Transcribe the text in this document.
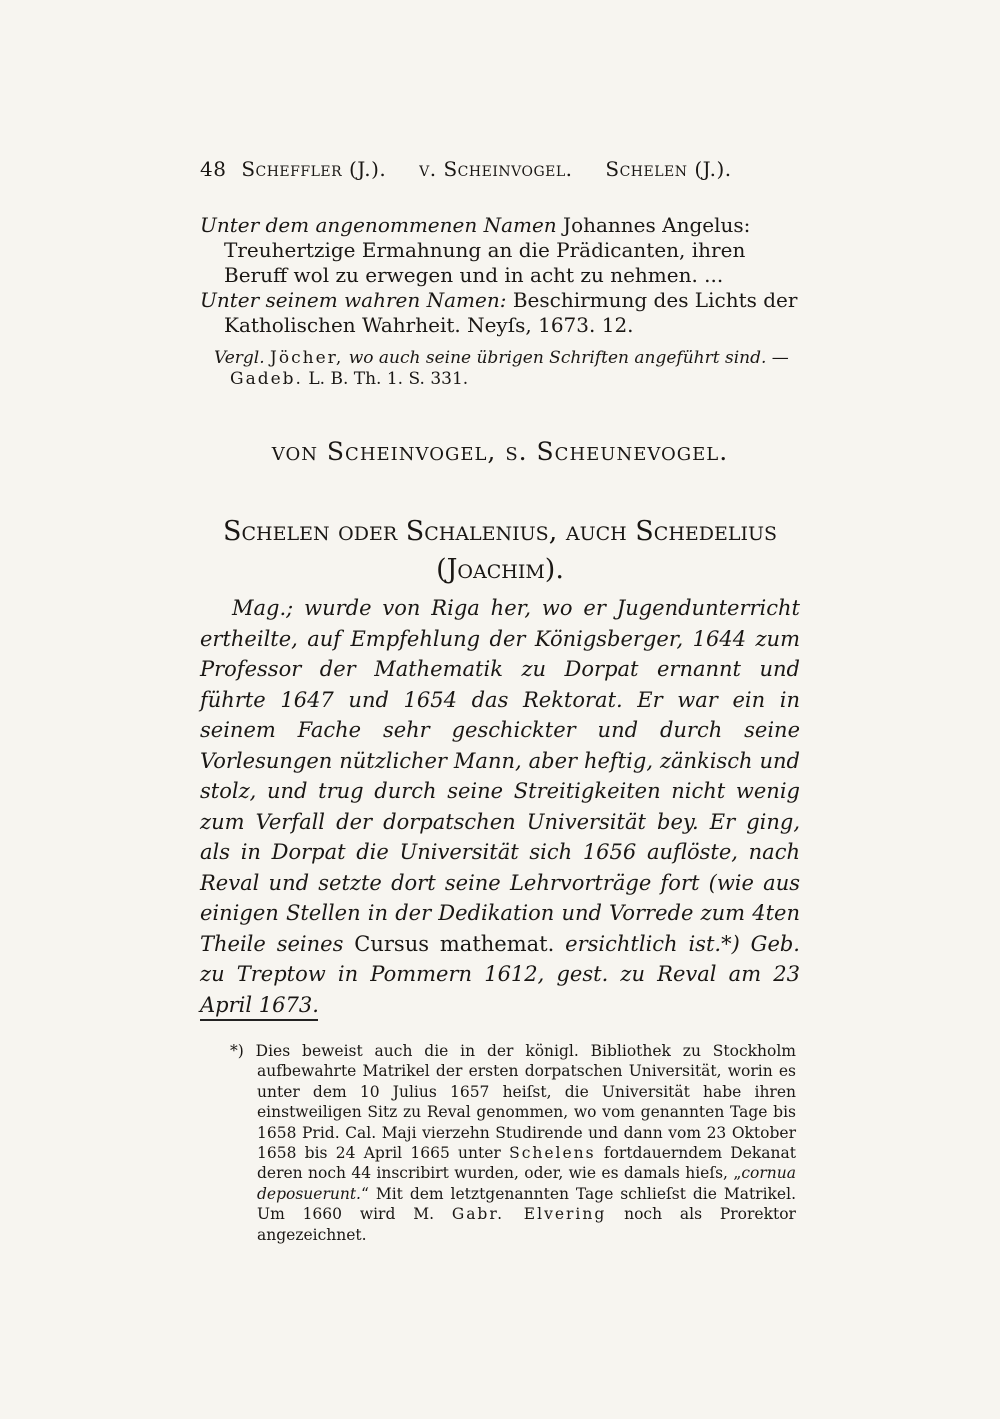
48 Scheffler (J.). v. Scheinvogel. Schelen (J.).

Unter dem angenommenen Namen Johannes Angelus: Treuhertzige Ermahnung an die Prädicanten, ihren Beruff wol zu erwegen und in acht zu nehmen. ...

Unter seinem wahren Namen: Beschirmung des Lichts der Katholischen Wahrheit. Neyſs, 1673. 12.

Vergl. Jöcher, wo auch seine übrigen Schriften angeführt sind. — Gadeb. L. B. Th. 1. S. 331.

von Scheinvogel, s. Scheunevogel.
Schelen oder Schalenius, auch Schedelius
(Joachim).
Mag.; wurde von Riga her, wo er Jugendunterricht ertheilte, auf Empfehlung der Königsberger, 1644 zum Professor der Mathematik zu Dorpat ernannt und führte 1647 und 1654 das Rektorat. Er war ein in seinem Fache sehr geschickter und durch seine Vorlesungen nützlicher Mann, aber heftig, zänkisch und stolz, und trug durch seine Streitigkeiten nicht wenig zum Verfall der dorpatschen Universität bey. Er ging, als in Dorpat die Universität sich 1656 auflöste, nach Reval und setzte dort seine Lehrvorträge fort (wie aus einigen Stellen in der Dedikation und Vorrede zum 4ten Theile seines Cursus mathemat. ersichtlich ist.*) Geb. zu Treptow in Pommern 1612, gest. zu Reval am 23 April 1673.

*) Dies beweist auch die in der königl. Bibliothek zu Stockholm aufbewahrte Matrikel der ersten dorpatschen Universität, worin es unter dem 10 Julius 1657 heiſst, die Universität habe ihren einstweiligen Sitz zu Reval genommen, wo vom genannten Tage bis 1658 Prid. Cal. Maji vierzehn Studirende und dann vom 23 Oktober 1658 bis 24 April 1665 unter Schelens fortdauerndem Dekanat deren noch 44 inscribirt wurden, oder, wie es damals hieſs, „cornua deposuerunt.“ Mit dem letztgenannten Tage schlieſst die Matrikel. Um 1660 wird M. Gabr. Elvering noch als Prorektor angezeichnet.
